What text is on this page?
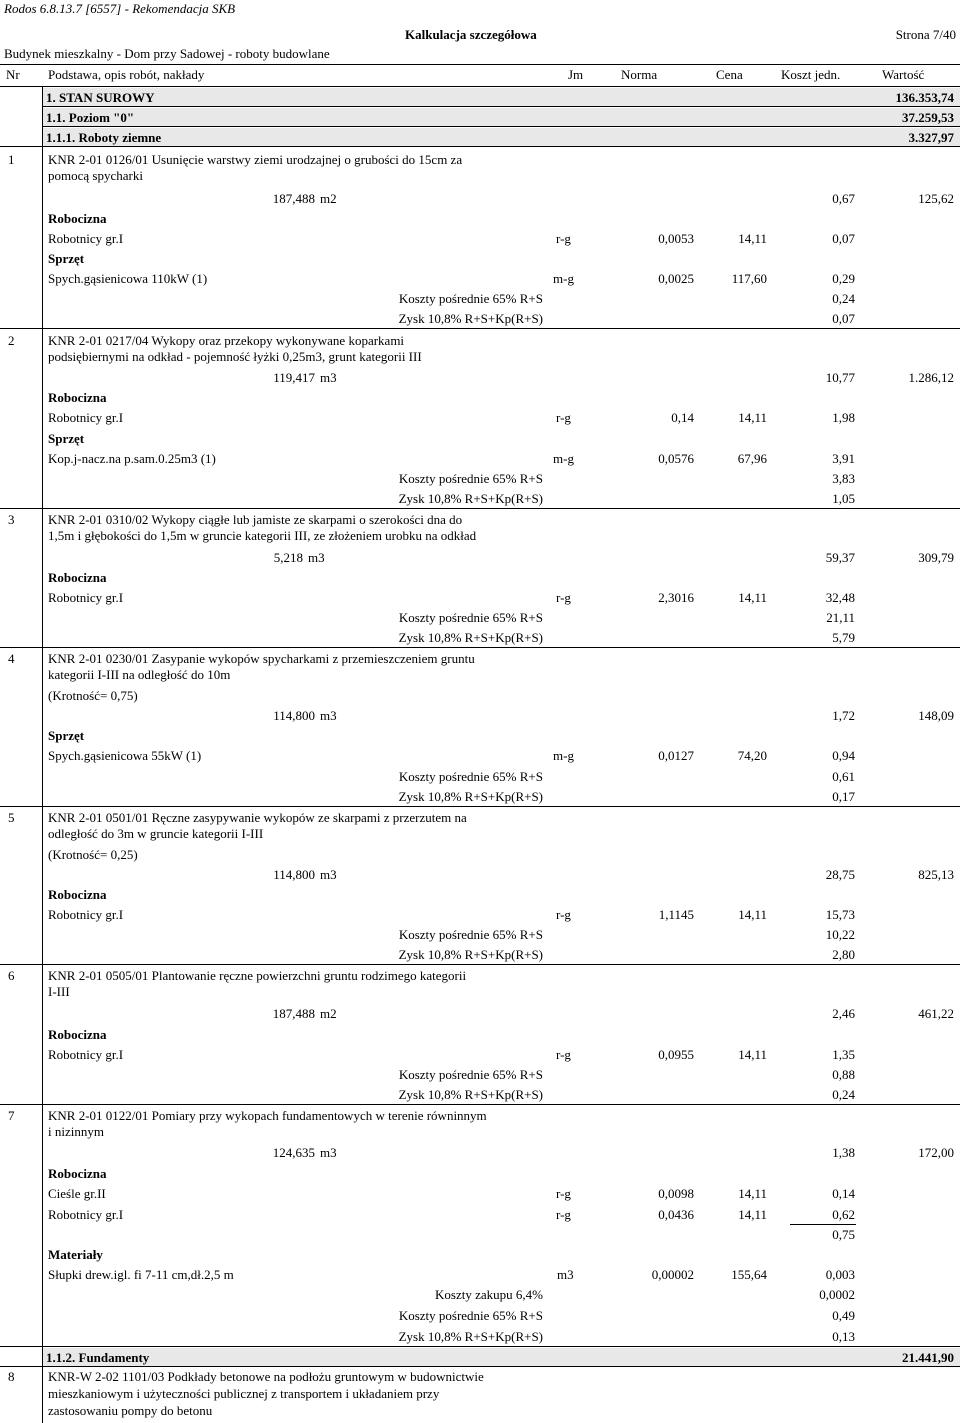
Rodos 6.8.13.7 [6557] - Rekomendacja SKB
Kalkulacja szczegółowa	Strona 7/40
Budynek mieszkalny - Dom przy Sadowej - roboty budowlane
Nr Podstawa, opis robót, nakłady	Jm	Norma	Cena	Koszt jedn.	Wartość
1. STAN SUROWY	136.353,74
1.1. Poziom "0"	37.259,53
1.1.1. Roboty ziemne	3.327,97
1	KNR 2-01 0126/01 Usunięcie warstwy ziemi urodzajnej o grubości do 15cm za
pomocą spycharki
187,488 m2	0,67	125,62
Robocizna
Robotnicy gr.I	r-g	0,0053	14,11	0,07
Sprzęt
Spych.gąsienicowa 110kW (1)	m-g	0,0025	117,60	0,29
Koszty pośrednie 65% R+S	0,24
Zysk 10,8% R+S+Kp(R+S)	0,07
2	KNR 2-01 0217/04 Wykopy oraz przekopy wykonywane koparkami
podsiębiernymi na odkład - pojemność łyżki 0,25m3, grunt kategorii III
119,417 m3	10,77	1.286,12
Robocizna
Robotnicy gr.I	r-g	0,14	14,11	1,98
Sprzęt
Kop.j-nacz.na p.sam.0.25m3 (1)	m-g	0,0576	67,96	3,91
Koszty pośrednie 65% R+S	3,83
Zysk 10,8% R+S+Kp(R+S)	1,05
3	KNR 2-01 0310/02 Wykopy ciągłe lub jamiste ze skarpami o szerokości dna do
1,5m i głębokości do 1,5m w gruncie kategorii III, ze złożeniem urobku na odkład
5,218 m3	59,37	309,79
Robocizna
Robotnicy gr.I	r-g	2,3016	14,11	32,48
Koszty pośrednie 65% R+S	21,11
Zysk 10,8% R+S+Kp(R+S)	5,79
4	KNR 2-01 0230/01 Zasypanie wykopów spycharkami z przemieszczeniem gruntu
kategorii I-III na odległość do 10m
(Krotność= 0,75)
114,800 m3	1,72	148,09
Sprzęt
Spych.gąsienicowa 55kW (1)	m-g	0,0127	74,20	0,94
Koszty pośrednie 65% R+S	0,61
Zysk 10,8% R+S+Kp(R+S)	0,17
5	KNR 2-01 0501/01 Ręczne zasypywanie wykopów ze skarpami z przerzutem na
odległość do 3m w gruncie kategorii I-III
(Krotność= 0,25)
114,800 m3	28,75	825,13
Robocizna
Robotnicy gr.I	r-g	1,1145	14,11	15,73
Koszty pośrednie 65% R+S	10,22
Zysk 10,8% R+S+Kp(R+S)	2,80
6	KNR 2-01 0505/01 Plantowanie ręczne powierzchni gruntu rodzimego kategorii
I-III
187,488 m2	2,46	461,22
Robocizna
Robotnicy gr.I	r-g	0,0955	14,11	1,35
Koszty pośrednie 65% R+S	0,88
Zysk 10,8% R+S+Kp(R+S)	0,24
7	KNR 2-01 0122/01 Pomiary przy wykopach fundamentowych w terenie równinnym
i nizinnym
124,635 m3	1,38	172,00
Robocizna
Cieśle gr.II	r-g	0,0098	14,11	0,14
Robotnicy gr.I	r-g	0,0436	14,11	0,62
0,75
Materiały
Słupki drew.igl. fi 7-11 cm,dł.2,5 m	m3	0,00002	155,64	0,003
Koszty zakupu 6,4%	0,0002
Koszty pośrednie 65% R+S	0,49
Zysk 10,8% R+S+Kp(R+S)	0,13
1.1.2. Fundamenty	21.441,90
8	KNR-W 2-02 1101/03 Podkłady betonowe na podłożu gruntowym w budownictwie
mieszkaniowym i użyteczności publicznej z transportem i układaniem przy
zastosowaniu pompy do betonu
